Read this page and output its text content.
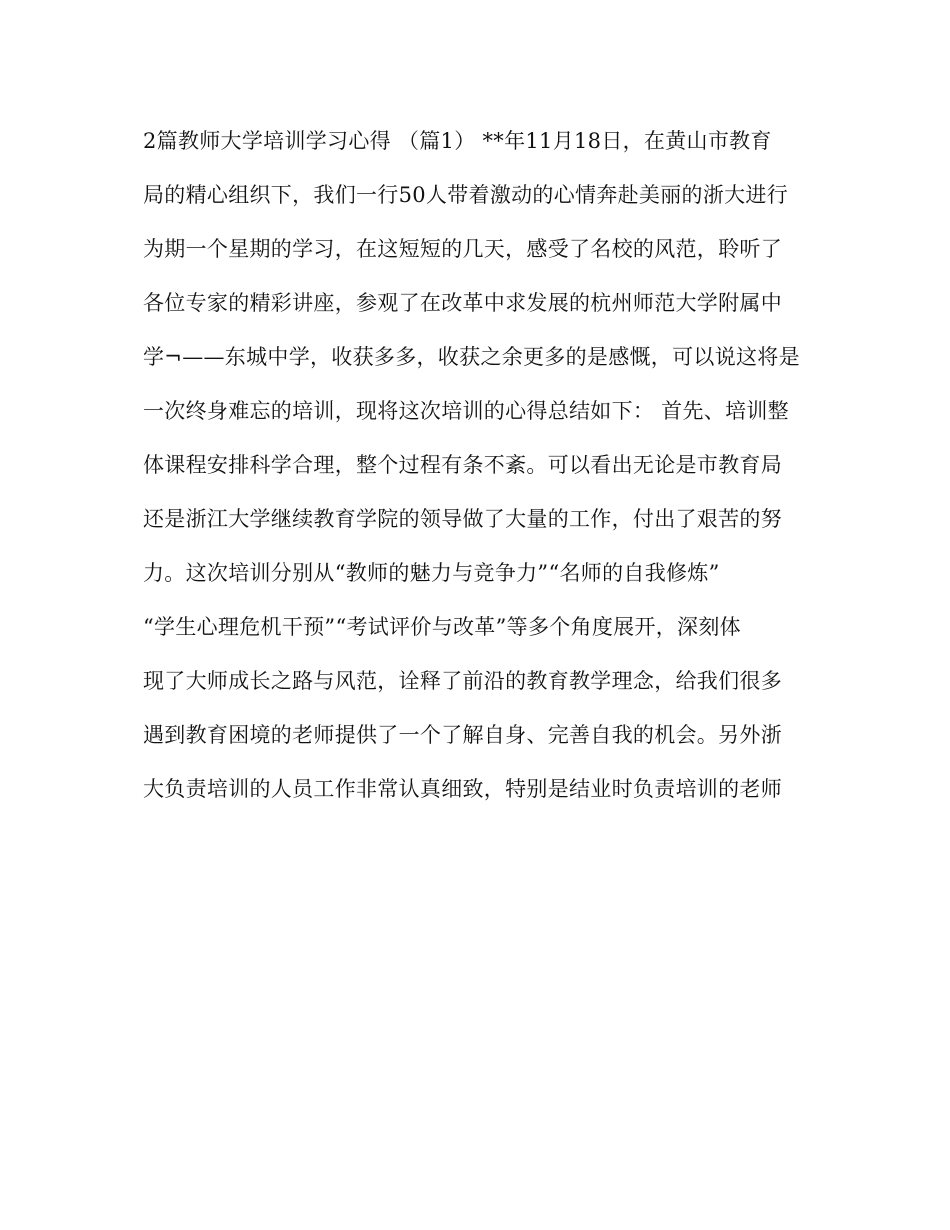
2篇教师大学培训学习心得 （篇1） **年11月18日，在黄山市教育
局的精心组织下，我们一行50人带着激动的心情奔赴美丽的浙大进行
为期一个星期的学习，在这短短的几天，感受了名校的风范，聆听了
各位专家的精彩讲座，参观了在改革中求发展的杭州师范大学附属中
学¬——东城中学，收获多多，收获之余更多的是感慨，可以说这将是
一次终身难忘的培训，现将这次培训的心得总结如下： 首先、培训整
体课程安排科学合理，整个过程有条不紊。可以看出无论是市教育局
还是浙江大学继续教育学院的领导做了大量的工作，付出了艰苦的努
力。这次培训分别从“教师的魅力与竞争力”“名师的自我修炼”
“学生心理危机干预”“考试评价与改革”等多个角度展开，深刻体
现了大师成长之路与风范，诠释了前沿的教育教学理念，给我们很多
遇到教育困境的老师提供了一个了解自身、完善自我的机会。另外浙
大负责培训的人员工作非常认真细致，特别是结业时负责培训的老师
